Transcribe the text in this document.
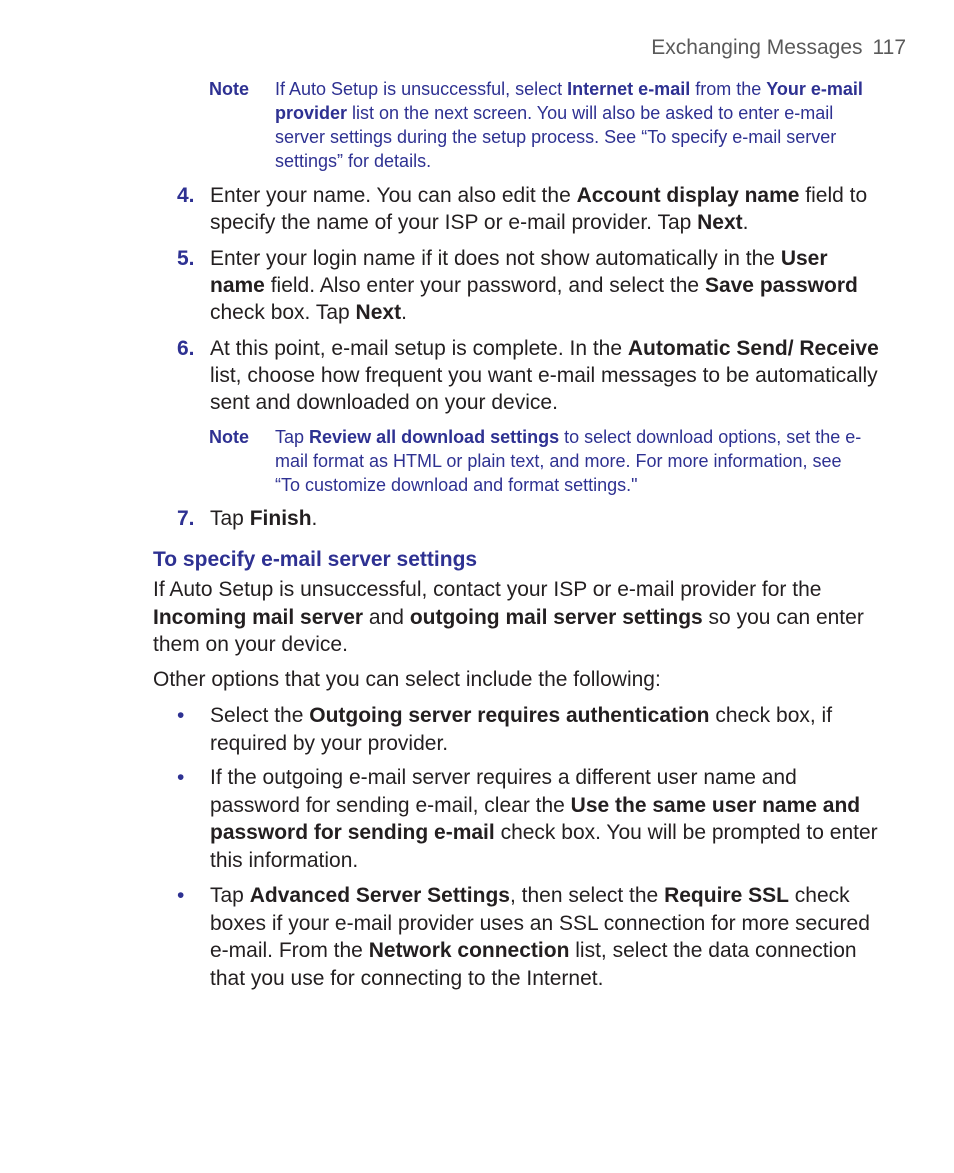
Exchanging Messages 117
Note If Auto Setup is unsuccessful, select Internet e-mail from the Your e-mail provider list on the next screen. You will also be asked to enter e-mail server settings during the setup process. See “To specify e-mail server settings” for details.
4. Enter your name. You can also edit the Account display name field to specify the name of your ISP or e-mail provider. Tap Next.
5. Enter your login name if it does not show automatically in the User name field. Also enter your password, and select the Save password check box. Tap Next.
6. At this point, e-mail setup is complete. In the Automatic Send/ Receive list, choose how frequent you want e-mail messages to be automatically sent and downloaded on your device.
Note Tap Review all download settings to select download options, set the e-mail format as HTML or plain text, and more. For more information, see “To customize download and format settings."
7. Tap Finish.
To specify e-mail server settings
If Auto Setup is unsuccessful, contact your ISP or e-mail provider for the Incoming mail server and outgoing mail server settings so you can enter them on your device.
Other options that you can select include the following:
• Select the Outgoing server requires authentication check box, if required by your provider.
• If the outgoing e-mail server requires a different user name and password for sending e-mail, clear the Use the same user name and password for sending e-mail check box. You will be prompted to enter this information.
• Tap Advanced Server Settings, then select the Require SSL check boxes if your e-mail provider uses an SSL connection for more secured e-mail. From the Network connection list, select the data connection that you use for connecting to the Internet.
